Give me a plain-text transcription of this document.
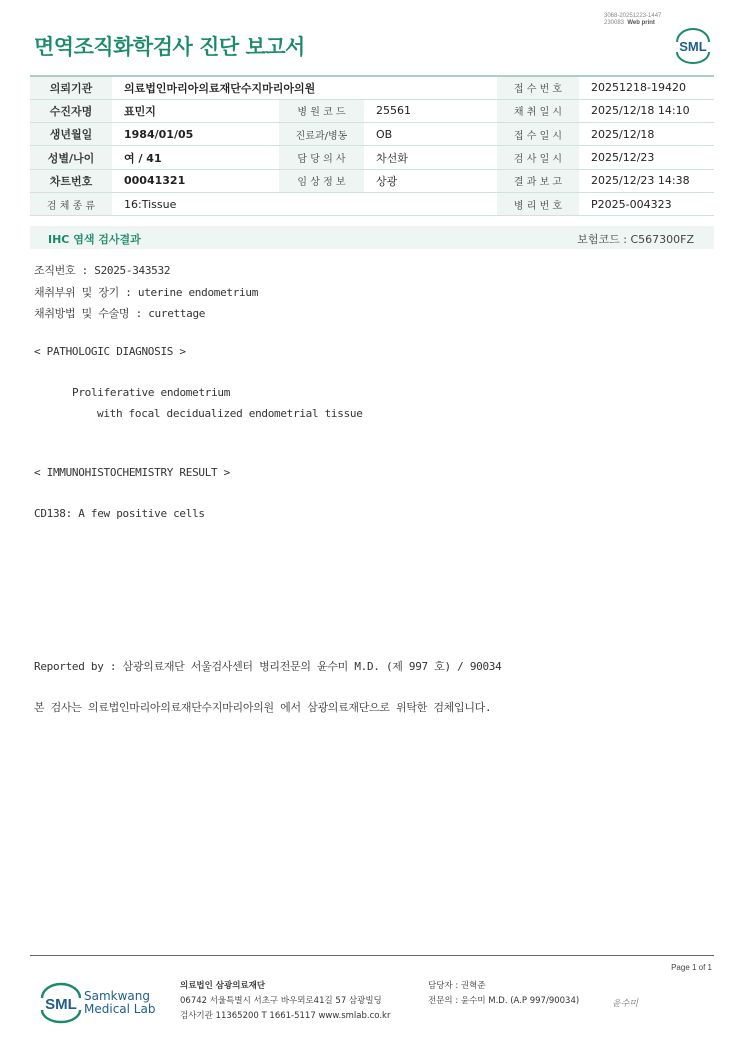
3068-20251223-1447
230083 Web print
면역조직화학검사 진단 보고서	SML
의뢰기관	의료법인마리아의료재단수지마리아의원			접 수 번 호	20251218-19420
수진자명	표민지	병 원 코 드	25561	채 취 일 시	2025/12/18 14:10
생년월일	1984/01/05	진료과/병동	OB	접 수 일 시	2025/12/18
성별/나이	여 / 41	담 당 의 사	차선화	검 사 일 시	2025/12/23
차트번호	00041321	임 상 정 보	상광	결 과 보 고	2025/12/23 14:38
검 체 종 류	16:Tissue			병 리 번 호	P2025-004323
IHC 염색 검사결과	보험코드 : C567300FZ
조직번호 : S2025-343532
채취부위 및 장기 : uterine endometrium
채취방법 및 수술명 : curettage
< PATHOLOGIC DIAGNOSIS >
Proliferative endometrium
with focal decidualized endometrial tissue
< IMMUNOHISTOCHEMISTRY RESULT >
CD138: A few positive cells
Reported by : 삼광의료재단 서울검사센터 병리전문의 윤수미 M.D. (제 997 호) / 90034
본 검사는 의료법인마리아의료재단수지마리아의원 에서 삼광의료재단으로 위탁한 검체입니다.
Page 1 of 1
SML Samkwang
Medical Lab
의료법인 삼광의료재단
06742 서울특별시 서초구 바우뫼로41길 57 삼광빌딩
검사기관 11365200 T 1661-5117 www.smlab.co.kr
담당자 : 권혁준
전문의 : 윤수미 M.D. (A.P 997/90034)	윤수미
